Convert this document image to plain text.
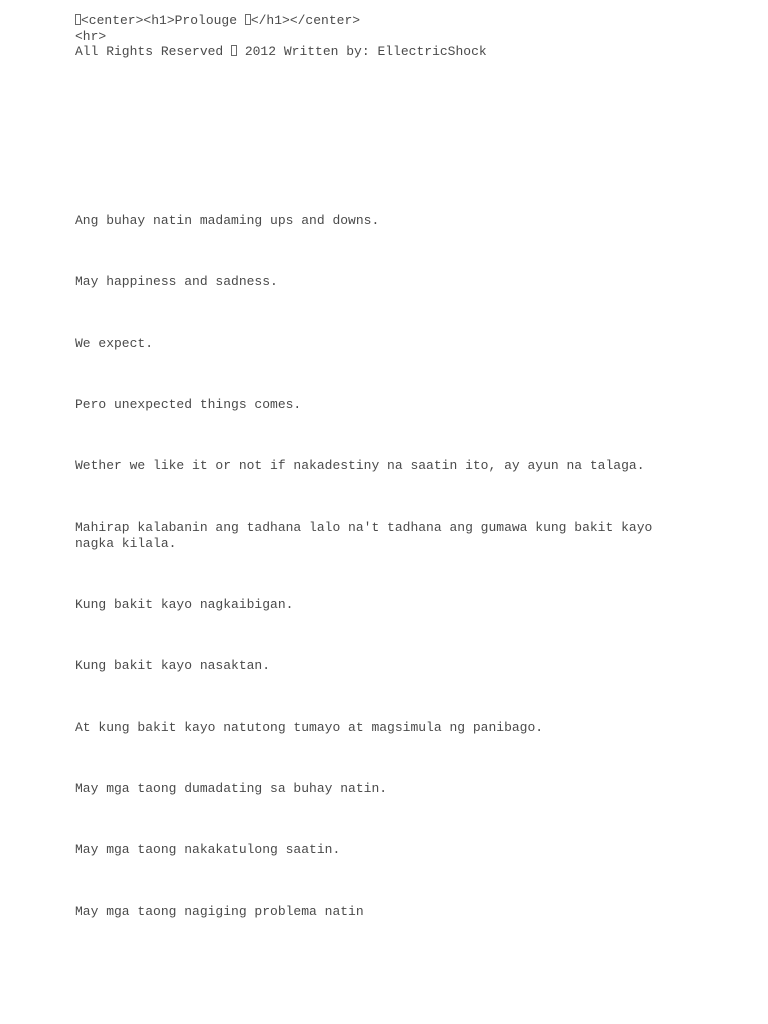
<center><h1>Prolouge </h1></center>
<hr>
All Rights Reserved  2012 Written by: EllectricShock
Ang buhay natin madaming ups and downs.
May happiness and sadness.
We expect.
Pero unexpected things comes.
Wether we like it or not if nakadestiny na saatin ito, ay ayun na talaga.
Mahirap kalabanin ang tadhana lalo na't tadhana ang gumawa kung bakit kayo nagka kilala.
Kung bakit kayo nagkaibigan.
Kung bakit kayo nasaktan.
At kung bakit kayo natutong tumayo at magsimula ng panibago.
May mga taong dumadating sa buhay natin.
May mga taong nakakatulong saatin.
May mga taong nagiging problema natin
